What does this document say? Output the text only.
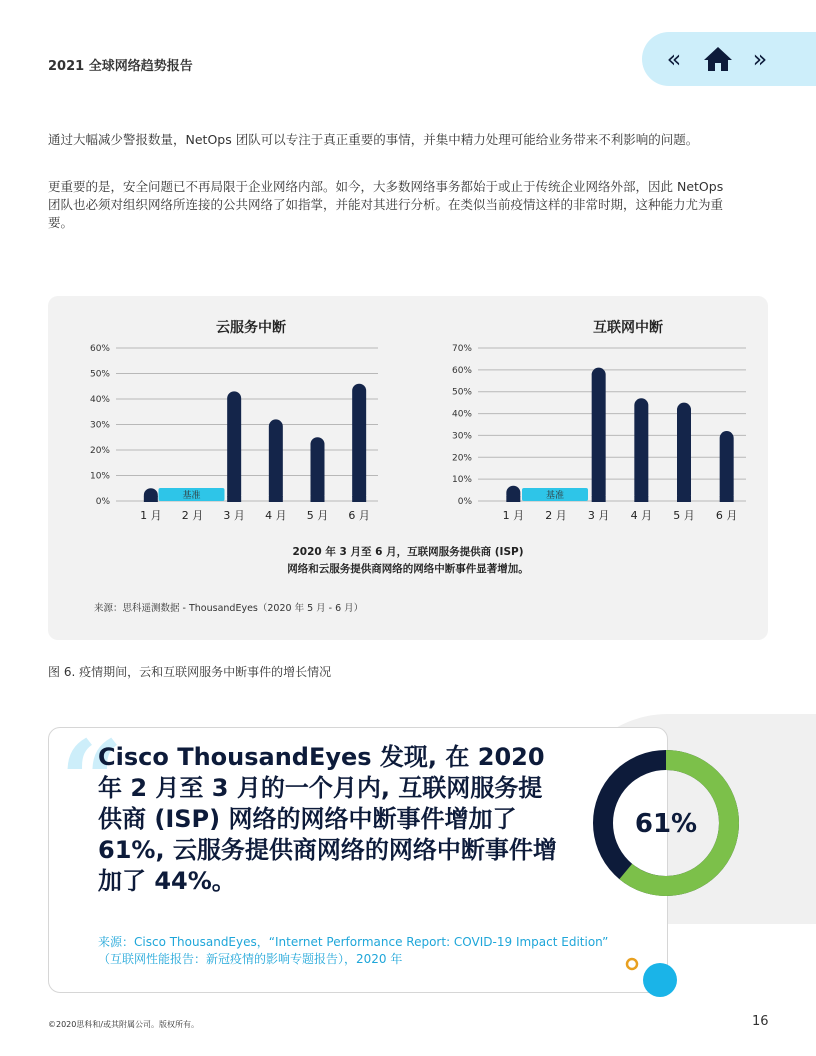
2021 全球网络趋势报告	«	»
通过大幅减少警报数量，NetOps 团队可以专注于真正重要的事情，并集中精力处理可能给业务带来不利影响的问题。
更重要的是，安全问题已不再局限于企业网络内部。如今，大多数网络事务都始于或止于传统企业网络外部，因此 NetOps 团队也必须对组织网络所连接的公共网络了如指掌，并能对其进行分析。在类似当前疫情这样的非常时期，这种能力尤为重要。
云服务中断
60%
50%
40%
30%
20%
10%
0%
1 月 2 月 3 月 4 月 5 月 6 月
基准
互联网中断
70%
60%
50%
40%
30%
20%
10%
0%
1 月 2 月 3 月 4 月 5 月 6 月
基准
2020 年 3 月至 6 月，互联网服务提供商 (ISP)
网络和云服务提供商网络的网络中断事件显著增加。
来源：思科遥测数据 - ThousandEyes（2020 年 5 月 - 6 月）
图 6. 疫情期间，云和互联网服务中断事件的增长情况
“
Cisco ThousandEyes 发现, 在 2020 年 2 月至 3 月的一个月内, 互联网服务提供商 (ISP) 网络的网络中断事件增加了 61%, 云服务提供商网络的网络中断事件增加了 44%。
来源：Cisco ThousandEyes，“Internet Performance Report: COVID-19 Impact Edition”
（互联网性能报告：新冠疫情的影响专题报告），2020 年
61%
©2020思科和/或其附属公司。版权所有。	16
